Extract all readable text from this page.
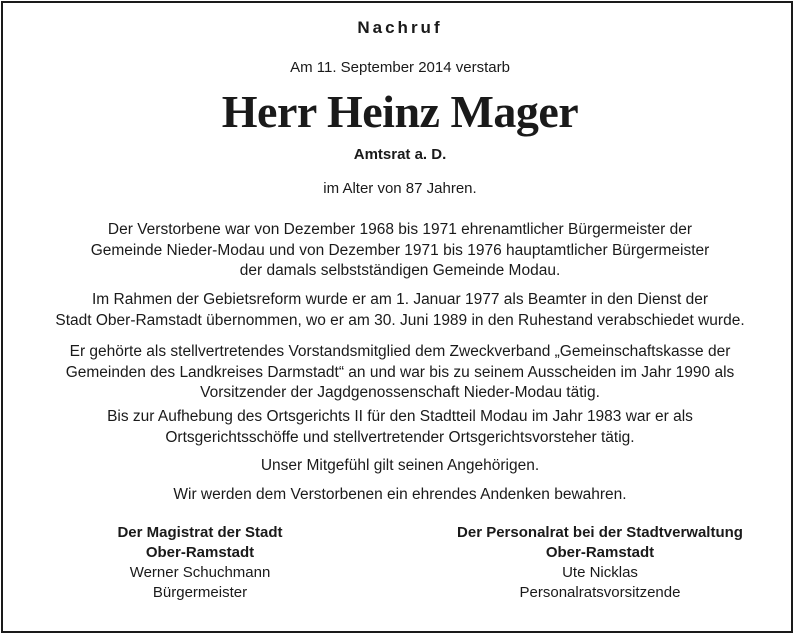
Nachruf
Am 11. September 2014 verstarb
Herr Heinz Mager
Amtsrat a. D.
im Alter von 87 Jahren.
Der Verstorbene war von Dezember 1968 bis 1971 ehrenamtlicher Bürgermeister der
Gemeinde Nieder-Modau und von Dezember 1971 bis 1976 hauptamtlicher Bürgermeister
der damals selbstständigen Gemeinde Modau.
Im Rahmen der Gebietsreform wurde er am 1. Januar 1977 als Beamter in den Dienst der
Stadt Ober-Ramstadt übernommen, wo er am 30. Juni 1989 in den Ruhestand verabschiedet wurde.
Er gehörte als stellvertretendes Vorstandsmitglied dem Zweckverband „Gemeinschaftskasse der
Gemeinden des Landkreises Darmstadt“ an und war bis zu seinem Ausscheiden im Jahr 1990 als
Vorsitzender der Jagdgenossenschaft Nieder-Modau tätig.
Bis zur Aufhebung des Ortsgerichts II für den Stadtteil Modau im Jahr 1983 war er als
Ortsgerichtsschöffe und stellvertretender Ortsgerichtsvorsteher tätig.
Unser Mitgefühl gilt seinen Angehörigen.
Wir werden dem Verstorbenen ein ehrendes Andenken bewahren.
Der Magistrat der Stadt
Ober-Ramstadt
Werner Schuchmann
Bürgermeister
Der Personalrat bei der Stadtverwaltung
Ober-Ramstadt
Ute Nicklas
Personalratsvorsitzende
